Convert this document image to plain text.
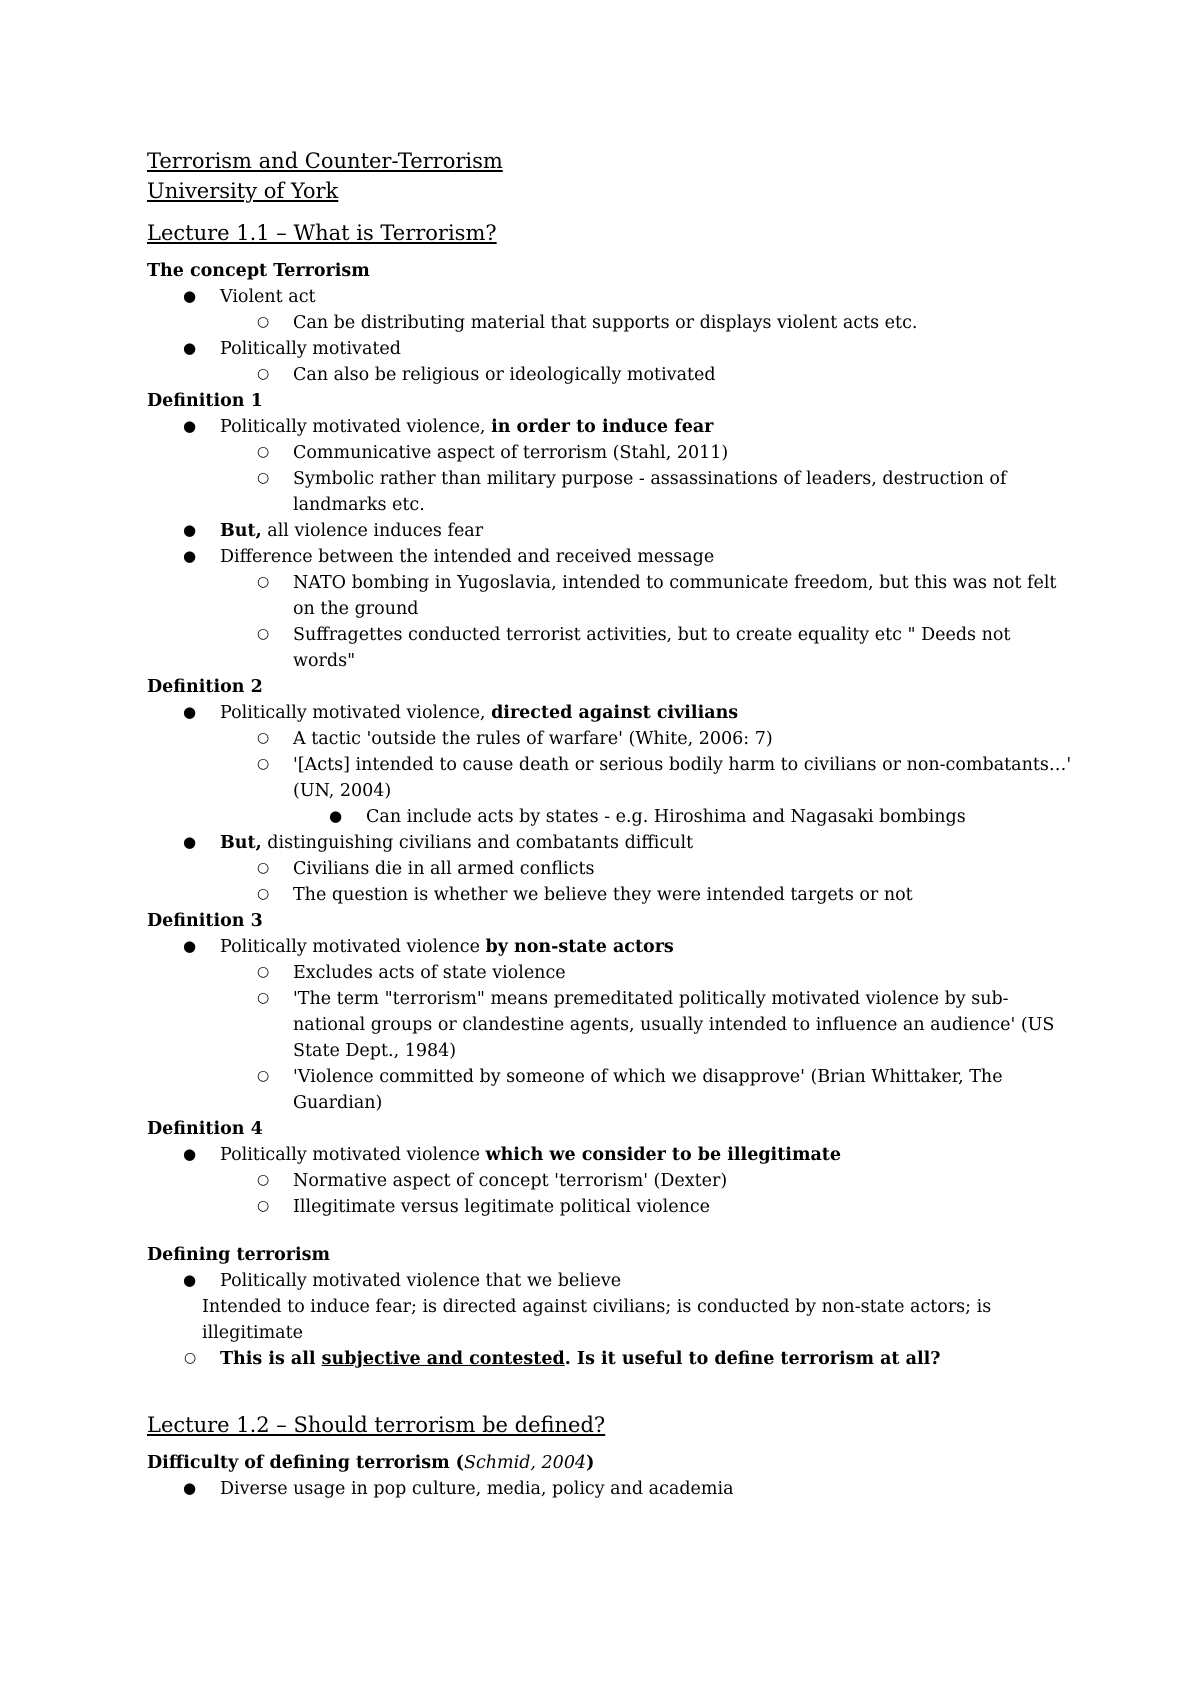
Terrorism and Counter-Terrorism
University of York
Lecture 1.1 – What is Terrorism?
The concept Terrorism
● Violent act
○ Can be distributing material that supports or displays violent acts etc.
● Politically motivated
○ Can also be religious or ideologically motivated
Definition 1
● Politically motivated violence, in order to induce fear
○ Communicative aspect of terrorism (Stahl, 2011)
○ Symbolic rather than military purpose - assassinations of leaders, destruction of landmarks etc.
● But, all violence induces fear
● Difference between the intended and received message
○ NATO bombing in Yugoslavia, intended to communicate freedom, but this was not felt on the ground
○ Suffragettes conducted terrorist activities, but to create equality etc " Deeds not words"
Definition 2
● Politically motivated violence, directed against civilians
○ A tactic 'outside the rules of warfare' (White, 2006: 7)
○ '[Acts] intended to cause death or serious bodily harm to civilians or non-combatants…' (UN, 2004)
● Can include acts by states - e.g. Hiroshima and Nagasaki bombings
● But, distinguishing civilians and combatants difficult
○ Civilians die in all armed conflicts
○ The question is whether we believe they were intended targets or not
Definition 3
● Politically motivated violence by non-state actors
○ Excludes acts of state violence
○ 'The term "terrorism" means premeditated politically motivated violence by sub-national groups or clandestine agents, usually intended to influence an audience' (US State Dept., 1984)
○ 'Violence committed by someone of which we disapprove' (Brian Whittaker, The Guardian)
Definition 4
● Politically motivated violence which we consider to be illegitimate
○ Normative aspect of concept 'terrorism' (Dexter)
○ Illegitimate versus legitimate political violence
Defining terrorism
● Politically motivated violence that we believe
Intended to induce fear; is directed against civilians; is conducted by non-state actors; is illegitimate
○ This is all subjective and contested. Is it useful to define terrorism at all?
Lecture 1.2 – Should terrorism be defined?
Difficulty of defining terrorism (Schmid, 2004)
● Diverse usage in pop culture, media, policy and academia
